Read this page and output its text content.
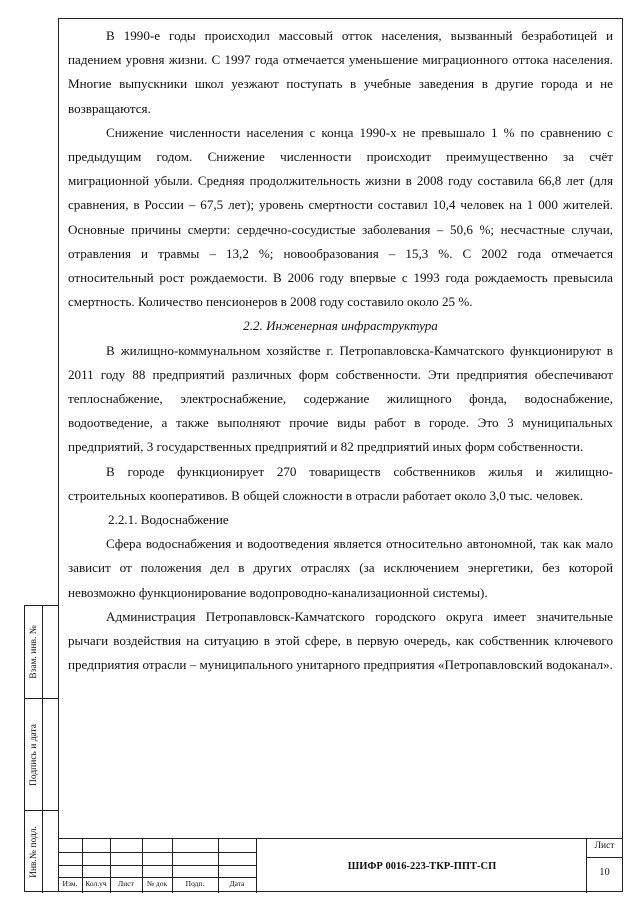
В 1990-е годы происходил массовый отток населения, вызванный безработицей и падением уровня жизни. С 1997 года отмечается уменьшение миграционного оттока населения. Многие выпускники школ уезжают поступать в учебные заведения в другие города и не возвращаются.

Снижение численности населения с конца 1990-х не превышало 1 % по сравнению с предыдущим годом. Снижение численности происходит преимущественно за счёт миграционной убыли. Средняя продолжительность жизни в 2008 году составила 66,8 лет (для сравнения, в России – 67,5 лет); уровень смертности составил 10,4 человек на 1 000 жителей. Основные причины смерти: сердечно-сосудистые заболевания – 50,6 %; несчастные случаи, отравления и травмы – 13,2 %; новообразования – 15,3 %. С 2002 года отмечается относительный рост рождаемости. В 2006 году впервые с 1993 года рождаемость превысила смертность. Количество пенсионеров в 2008 году составило около 25 %.

2.2. Инженерная инфраструктура

В жилищно-коммунальном хозяйстве г. Петропавловска-Камчатского функционируют в 2011 году 88 предприятий различных форм собственности. Эти предприятия обеспечивают теплоснабжение, электроснабжение, содержание жилищного фонда, водоснабжение, водоотведение, а также выполняют прочие виды работ в городе. Это 3 муниципальных предприятий, 3 государственных предприятий и 82 предприятий иных форм собственности.

В городе функционирует 270 товариществ собственников жилья и жилищно-строительных кооперативов. В общей сложности в отрасли работает около 3,0 тыс. человек.

2.2.1. Водоснабжение

Сфера водоснабжения и водоотведения является относительно автономной, так как мало зависит от положения дел в других отраслях (за исключением энергетики, без которой невозможно функционирование водопроводно-канализационной системы).

Администрация Петропавловск-Камчатского городского округа имеет значительные рычаги воздействия на ситуацию в этой сфере, в первую очередь, как собственник ключевого предприятия отрасли – муниципального унитарного предприятия «Петропавловский водоканал».

Взам. инв. №
Подпись и дата
Инв.№ подл.
Изм.	Кол.уч	Лист	№ док	Подп.	Дата
ШИФР 0016-223-ТКР-ППТ-СП
Лист
10
